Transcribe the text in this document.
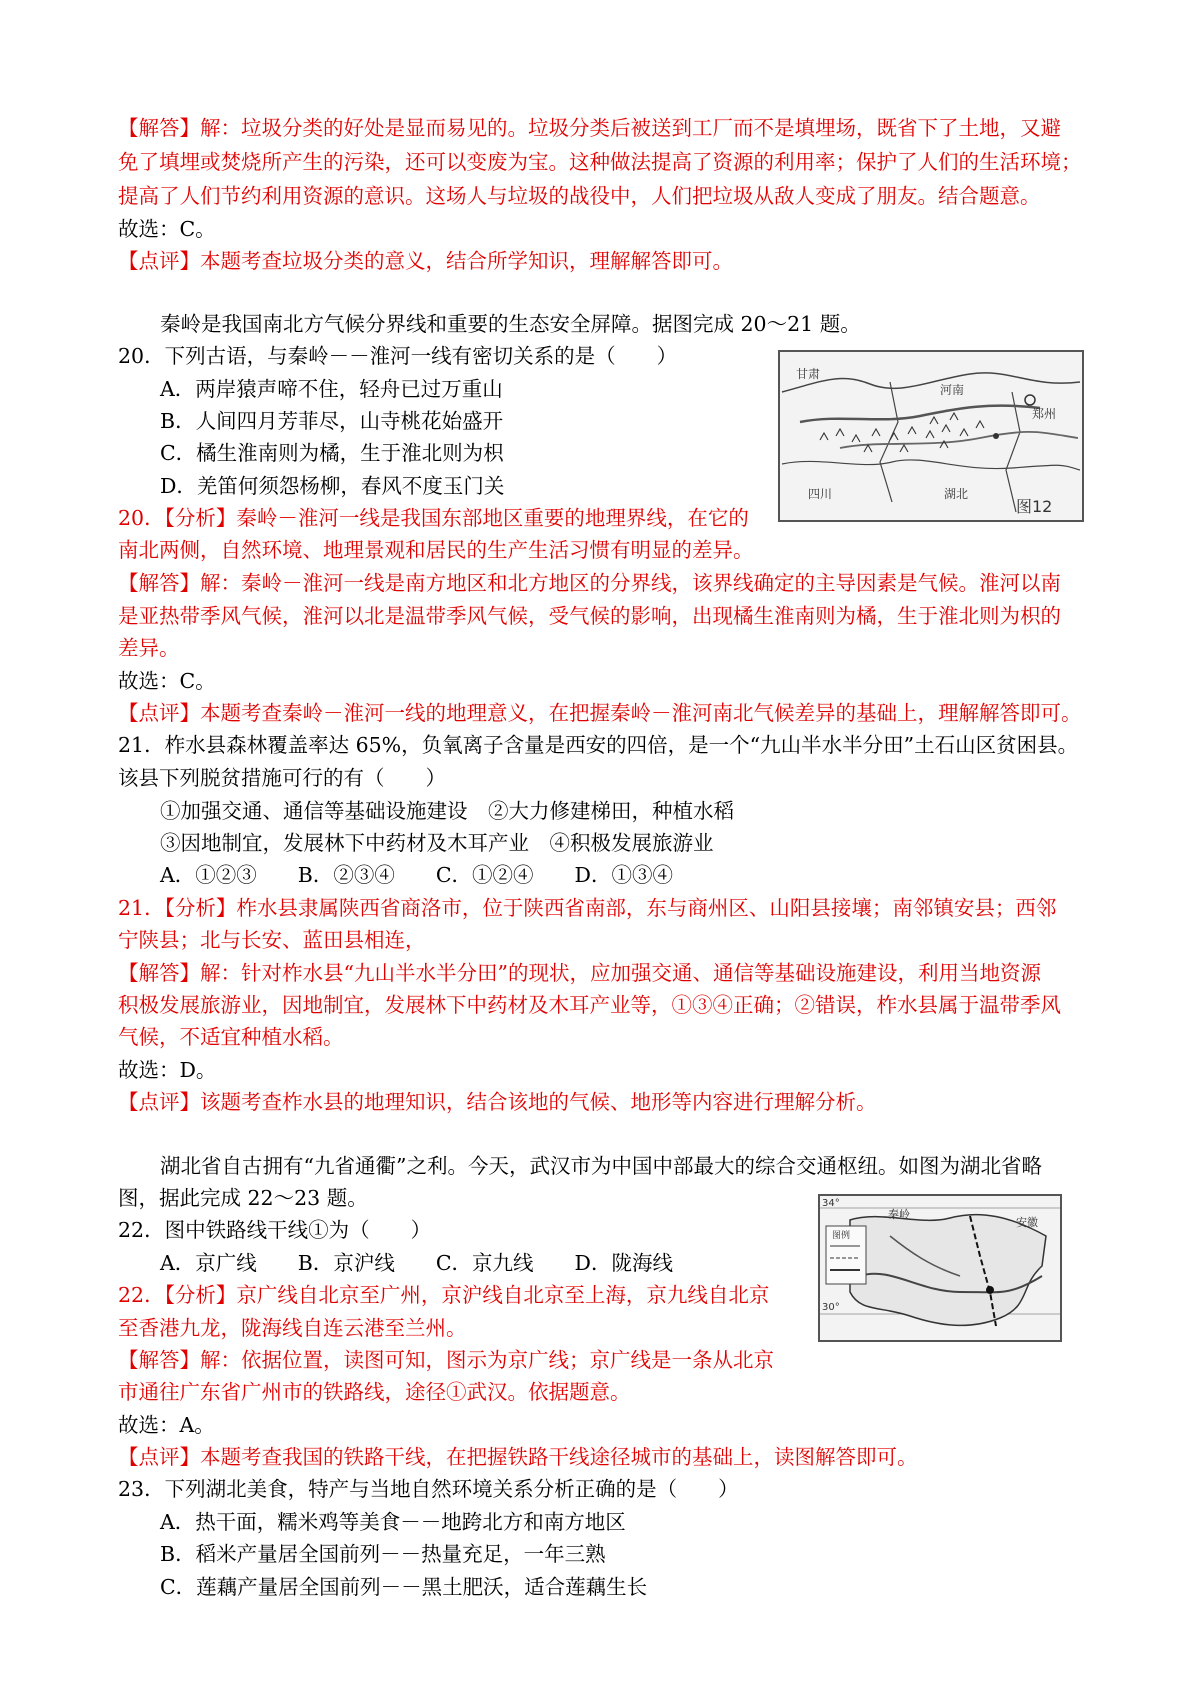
【解答】解：垃圾分类的好处是显而易见的。垃圾分类后被送到工厂而不是填埋场，既省下了土地，又避
免了填埋或焚烧所产生的污染，还可以变废为宝。这种做法提高了资源的利用率；保护了人们的生活环境；
提高了人们节约利用资源的意识。这场人与垃圾的战役中，人们把垃圾从敌人变成了朋友。结合题意。
故选：C。
【点评】本题考查垃圾分类的意义，结合所学知识，理解解答即可。
秦岭是我国南北方气候分界线和重要的生态安全屏障。据图完成 20～21 题。
20．下列古语，与秦岭－－淮河一线有密切关系的是（　　）
A．两岸猿声啼不住，轻舟已过万重山
B．人间四月芳菲尽，山寺桃花始盛开
C．橘生淮南则为橘，生于淮北则为枳
D．羌笛何须怨杨柳，春风不度玉门关
甘肃
河南
郑州
四川	湖北
图12
20．【分析】秦岭－淮河一线是我国东部地区重要的地理界线，在它的
南北两侧，自然环境、地理景观和居民的生产生活习惯有明显的差异。
【解答】解：秦岭－淮河一线是南方地区和北方地区的分界线，该界线确定的主导因素是气候。淮河以南
是亚热带季风气候，淮河以北是温带季风气候，受气候的影响，出现橘生淮南则为橘，生于淮北则为枳的
差异。
故选：C。
【点评】本题考查秦岭－淮河一线的地理意义，在把握秦岭－淮河南北气候差异的基础上，理解解答即可。
21．柞水县森林覆盖率达 65%，负氧离子含量是西安的四倍，是一个“九山半水半分田”土石山区贫困县。
该县下列脱贫措施可行的有（　　）
①加强交通、通信等基础设施建设　②大力修建梯田，种植水稻
③因地制宜，发展林下中药材及木耳产业　④积极发展旅游业
A．①②③　　B．②③④　　C．①②④　　D．①③④
21．【分析】柞水县隶属陕西省商洛市，位于陕西省南部，东与商州区、山阳县接壤；南邻镇安县；西邻
宁陕县；北与长安、蓝田县相连，
【解答】解：针对柞水县“九山半水半分田”的现状，应加强交通、通信等基础设施建设，利用当地资源
积极发展旅游业，因地制宜，发展林下中药材及木耳产业等，①③④正确；②错误，柞水县属于温带季风
气候，不适宜种植水稻。
故选：D。
【点评】该题考查柞水县的地理知识，结合该地的气候、地形等内容进行理解分析。
湖北省自古拥有“九省通衢”之利。今天，武汉市为中国中部最大的综合交通枢纽。如图为湖北省略
图，据此完成 22～23 题。
图例
34°
30°
秦岭
安徽
22．图中铁路线干线①为（　　）
A．京广线　　B．京沪线　　C．京九线　　D．陇海线
22．【分析】京广线自北京至广州，京沪线自北京至上海，京九线自北京
至香港九龙，陇海线自连云港至兰州。
【解答】解：依据位置，读图可知，图示为京广线；京广线是一条从北京
市通往广东省广州市的铁路线，途径①武汉。依据题意。
故选：A。
【点评】本题考查我国的铁路干线，在把握铁路干线途径城市的基础上，读图解答即可。
23．下列湖北美食，特产与当地自然环境关系分析正确的是（　　）
A．热干面，糯米鸡等美食－－地跨北方和南方地区
B．稻米产量居全国前列－－热量充足，一年三熟
C．莲藕产量居全国前列－－黑土肥沃，适合莲藕生长
